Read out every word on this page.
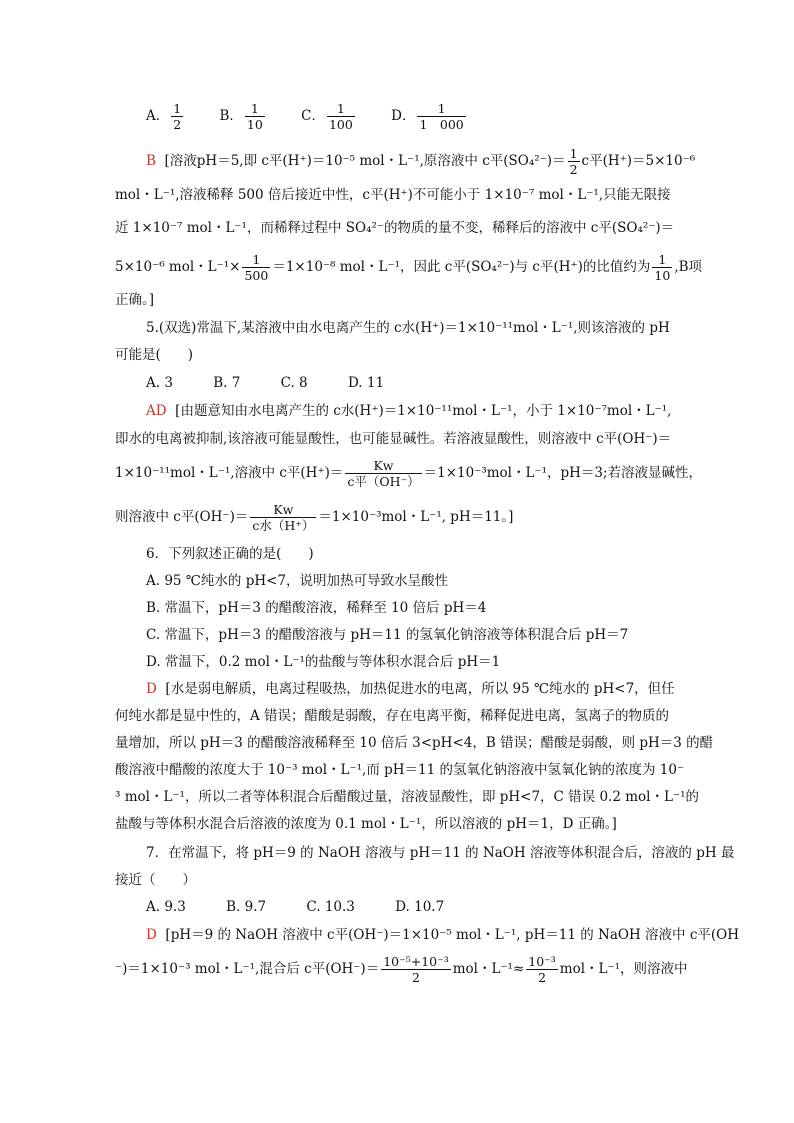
A． $\frac{1}{2}$	B． $\frac{1}{10}$	C． $\frac{1}{100}$	D． $\frac{1}{1 000}$
B [溶液pH＝5,即 c平(H⁺)＝10⁻⁵ mol・L⁻¹,原溶液中 c平$(SO_4^{2-})= \frac{1}{2}$ c平(H⁺)＝5×10⁻⁶
mol・L⁻¹,溶液稀释 500 倍后接近中性，c平(H⁺)不可能小于 1×10⁻⁷ mol・L⁻¹,只能无限接
近 1×10⁻⁷ mol・L⁻¹，而稀释过程中 SO₄²⁻的物质的量不变，稀释后的溶液中 c平(SO₄²⁻)＝
5×10⁻⁶ mol・$L^{-1}\times \frac{1}{500} =1\times 10^{-8}$ mol・L⁻¹，因此 c平(SO₄²⁻)与 c平(H⁺)的比值约为 $\frac{1}{10} ,B$项
正确。]
5.(双选)常温下,某溶液中由水电离产生的 c水(H⁺)＝1×10⁻¹¹mol・L⁻¹,则该溶液的 pH
可能是(　　)
A. 3	B. 7	C. 8	D. 11
AD [由题意知由水电离产生的 c水(H⁺)＝1×10⁻¹¹mol・L⁻¹，小于 1×10⁻⁷mol・L⁻¹,
即水的电离被抑制,该溶液可能显酸性，也可能显碱性。若溶液显酸性，则溶液中 c平(OH⁻)＝
1×10⁻¹¹mol・L⁻¹,溶液中 c平$(H^+)= \frac{Kw}{\text{c平（OH⁻）}} =1\times 10^{-3}mol$・L⁻¹，pH＝3;若溶液显碱性，
则溶液中 c平$(OH^-)= \frac{Kw}{\text{c水（H⁺）}} =1\times 10^{-3}mol$・L⁻¹, pH＝11。]
6．下列叙述正确的是(　　)
A. 95 ℃纯水的 pH<7，说明加热可导致水呈酸性
B. 常温下，pH＝3 的醋酸溶液，稀释至 10 倍后 pH＝4
C. 常温下，pH＝3 的醋酸溶液与 pH＝11 的氢氧化钠溶液等体积混合后 pH＝7
D. 常温下，0.2 mol・L⁻¹的盐酸与等体积水混合后 pH＝1
D [水是弱电解质，电离过程吸热，加热促进水的电离，所以 95 ℃纯水的 pH<7，但任
何纯水都是显中性的，A 错误；醋酸是弱酸，存在电离平衡，稀释促进电离，氢离子的物质的
量增加，所以 pH＝3 的醋酸溶液稀释至 10 倍后 3<pH<4，B 错误；醋酸是弱酸，则 pH＝3 的醋
酸溶液中醋酸的浓度大于 10⁻³ mol・L⁻¹,而 pH＝11 的氢氧化钠溶液中氢氧化钠的浓度为 10⁻
³ mol・L⁻¹，所以二者等体积混合后醋酸过量，溶液显酸性，即 pH<7，C 错误 0.2 mol・L⁻¹的
盐酸与等体积水混合后溶液的浓度为 0.1 mol・L⁻¹，所以溶液的 pH＝1，D 正确。]
7．在常温下，将 pH＝9 的 NaOH 溶液与 pH＝11 的 NaOH 溶液等体积混合后，溶液的 pH 最
接近（　　）
A. 9.3	B. 9.7	C. 10.3	D. 10.7
D [pH＝9 的 NaOH 溶液中 c平(OH⁻)＝1×10⁻⁵ mol・L⁻¹, pH＝11 的 NaOH 溶液中 c平(OH
⁻)＝1×10⁻³ mol・L⁻¹,混合后 c平$(OH^-)= \frac{\text{10⁻⁵+10⁻³}}{2}$ mol・$L^{-1}\approx \frac{\text{10⁻³}}{2}$ mol・L⁻¹，则溶液中
